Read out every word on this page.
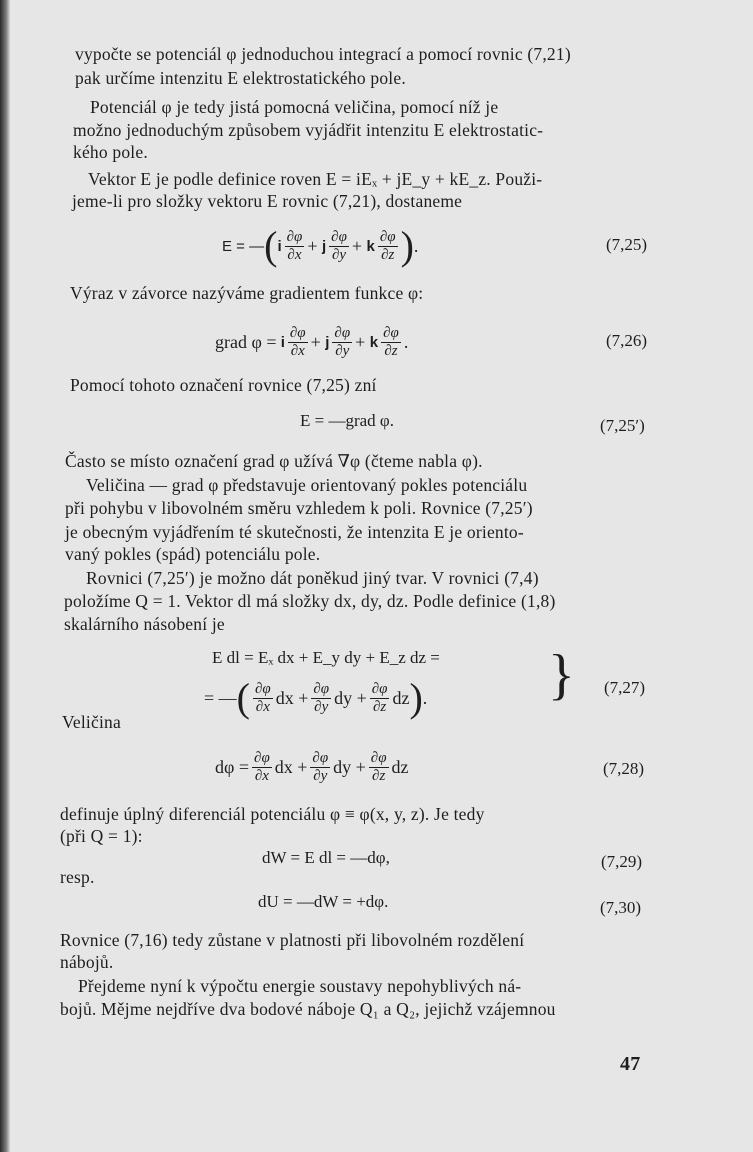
vypočte se potenciál φ jednoduchou integrací a pomocí rovnic (7,21)
pak určíme intenzitu E elektrostatického pole.
Potenciál φ je tedy jistá pomocná veličina, pomocí níž je
možno jednoduchým způsobem vyjádřit intenzitu E elektrostatic-
kého pole.
Vektor E je podle definice roven E = iEₓ + jE_y + kE_z. Použi-
jeme-li pro složky vektoru E rovnic (7,21), dostaneme
E = — ( i
∂φ
∂x + j
∂φ
∂y + k
∂φ
∂z ) .	(7,25)
Výraz v závorce nazýváme gradientem funkce φ:
grad φ = i
∂φ
∂x + j
∂φ
∂y + k
∂φ
∂z .	(7,26)
Pomocí tohoto označení rovnice (7,25) zní
E = —grad φ.	(7,25′)
Často se místo označení grad φ užívá ∇φ (čteme nabla φ).
Veličina — grad φ představuje orientovaný pokles potenciálu
při pohybu v libovolném směru vzhledem k poli. Rovnice (7,25′)
je obecným vyjádřením té skutečnosti, že intenzita E je oriento-
vaný pokles (spád) potenciálu pole.
Rovnici (7,25′) je možno dát poněkud jiný tvar. V rovnici (7,4)
položíme Q = 1. Vektor dl má složky dx, dy, dz. Podle definice (1,8)
skalárního násobení je
E dl = Eₓ dx + E_y dy + E_z dz =
= — ( ∂φ
∂x dx + $\frac{\partial\varphi}{\partial y}$ dy + $\frac{\partial\varphi}{\partial z}$ dz ) . } (7,27)
Veličina
$d\varphi = \frac{\partial\varphi}{\partial x}$ dx + $\frac{\partial\varphi}{\partial y}$ dy + $\frac{\partial\varphi}{\partial z}$ dz	(7,28)
definuje úplný diferenciál potenciálu φ ≡ φ(x, y, z). Je tedy
(při Q = 1):
dW = E dl = —dφ,	(7,29)
resp.
dU = —dW = +dφ.	(7,30)
Rovnice (7,16) tedy zůstane v platnosti při libovolném rozdělení
nábojů.
Přejdeme nyní k výpočtu energie soustavy nepohyblivých ná-
bojů. Mějme nejdříve dva bodové náboje Q₁ a Q₂, jejichž vzájemnou
47
